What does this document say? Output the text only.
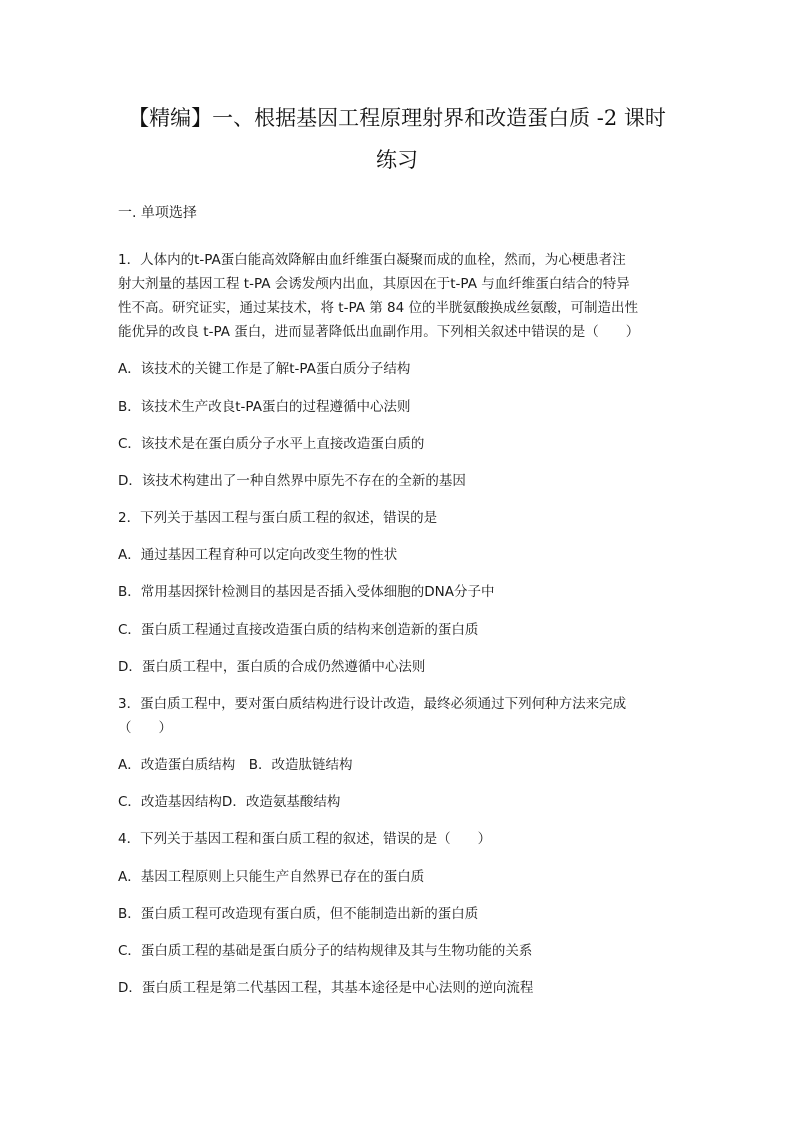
【精编】一、根据基因工程原理射界和改造蛋白质 -2 课时
练习
一. 单项选择
1．人体内的t-PA蛋白能高效降解由血纤维蛋白凝聚而成的血栓，然而，为心梗患者注
射大剂量的基因工程 t-PA 会诱发颅内出血，其原因在于t-PA 与血纤维蛋白结合的特异
性不高。研究证实，通过某技术，将 t-PA 第 84 位的半胱氨酸换成丝氨酸，可制造出性
能优异的改良 t-PA 蛋白，进而显著降低出血副作用。下列相关叙述中错误的是（　　）
A．该技术的关键工作是了解t-PA蛋白质分子结构
B．该技术生产改良t-PA蛋白的过程遵循中心法则
C．该技术是在蛋白质分子水平上直接改造蛋白质的
D．该技术构建出了一种自然界中原先不存在的全新的基因
2．下列关于基因工程与蛋白质工程的叙述，错误的是
A．通过基因工程育种可以定向改变生物的性状
B．常用基因探针检测目的基因是否插入受体细胞的DNA分子中
C．蛋白质工程通过直接改造蛋白质的结构来创造新的蛋白质
D．蛋白质工程中，蛋白质的合成仍然遵循中心法则
3．蛋白质工程中，要对蛋白质结构进行设计改造，最终必须通过下列何种方法来完成
（　　）
A．改造蛋白质结构　B．改造肽链结构
C．改造基因结构D．改造氨基酸结构
4．下列关于基因工程和蛋白质工程的叙述，错误的是（　　）
A．基因工程原则上只能生产自然界已存在的蛋白质
B．蛋白质工程可改造现有蛋白质，但不能制造出新的蛋白质
C．蛋白质工程的基础是蛋白质分子的结构规律及其与生物功能的关系
D．蛋白质工程是第二代基因工程，其基本途径是中心法则的逆向流程
